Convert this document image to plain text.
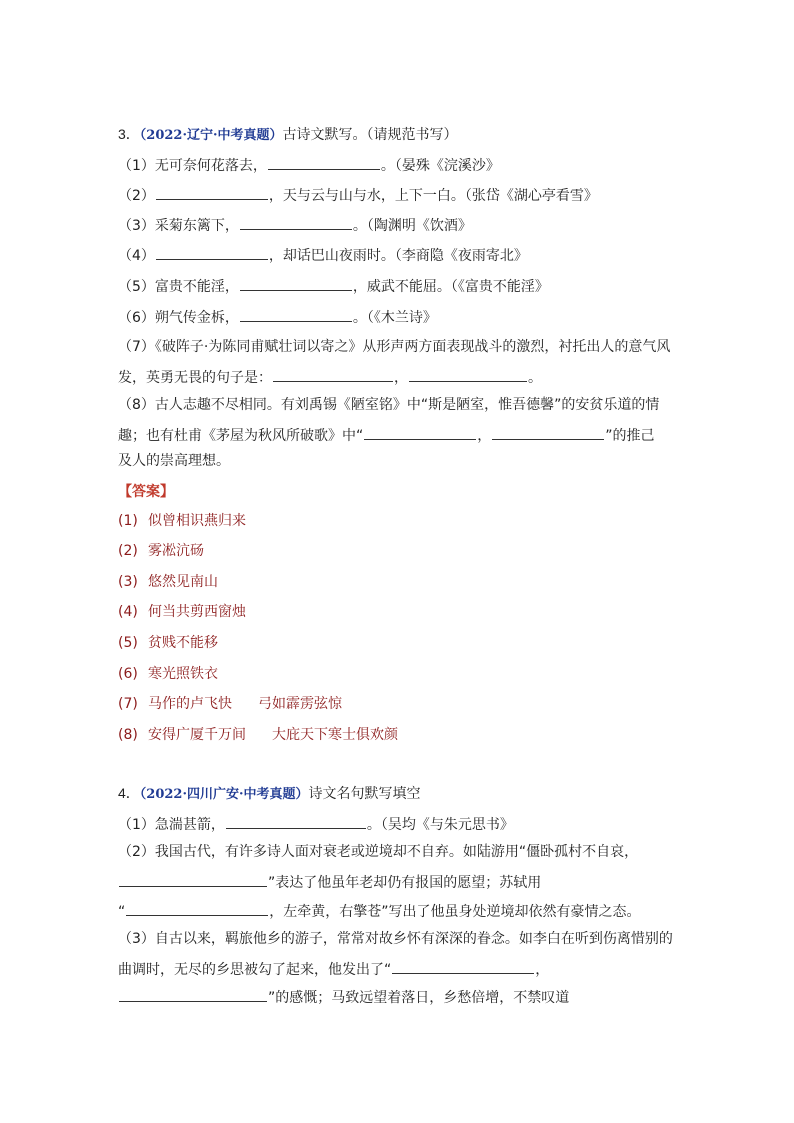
3．（2022·辽宁·中考真题）古诗文默写。（请规范书写）
（1）无可奈何花落去，	。（晏殊《浣溪沙》
（2）	，天与云与山与水，上下一白。（张岱《湖心亭看雪》
（3）采菊东篱下，	。（陶渊明《饮酒》
（4）	，却话巴山夜雨时。（李商隐《夜雨寄北》
（5）富贵不能淫，	，威武不能屈。（《富贵不能淫》
（6）朔气传金柝，	。（《木兰诗》
（7）《破阵子·为陈同甫赋壮词以寄之》从形声两方面表现战斗的激烈，衬托出人的意气风
发，英勇无畏的句子是：	，	。
（8）古人志趣不尽相同。有刘禹锡《陋室铭》中“斯是陋室，惟吾德馨”的安贫乐道的情
趣；也有杜甫《茅屋为秋风所破歌》中“	，	”的推己
及人的崇高理想。
【答案】
(1) 似曾相识燕归来
(2) 雾凇沆砀
(3) 悠然见南山
(4) 何当共剪西窗烛
(5) 贫贱不能移
(6) 寒光照铁衣
(7) 马作的卢飞快 弓如霹雳弦惊
(8) 安得广厦千万间 大庇天下寒士俱欢颜
4．（2022·四川广安·中考真题）诗文名句默写填空
（1）急湍甚箭，	。（吴均《与朱元思书》
（2）我国古代，有许多诗人面对衰老或逆境却不自弃。如陆游用“僵卧孤村不自哀，
”表达了他虽年老却仍有报国的愿望；苏轼用
“	，左牵黄，右擎苍”写出了他虽身处逆境却依然有豪情之态。
（3）自古以来，羁旅他乡的游子，常常对故乡怀有深深的眷念。如李白在听到伤离惜别的
曲调时，无尽的乡思被勾了起来，他发出了“	，
”的感慨；马致远望着落日，乡愁倍增，不禁叹道
